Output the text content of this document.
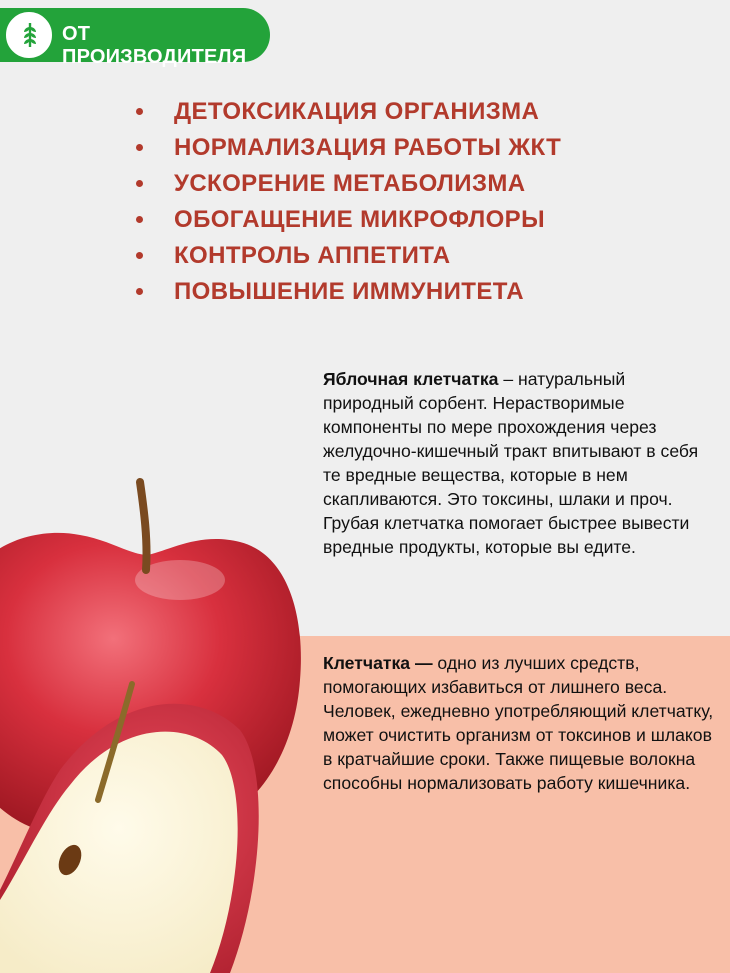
ОТ ПРОИЗВОДИТЕЛЯ
ДЕТОКСИКАЦИЯ ОРГАНИЗМА
НОРМАЛИЗАЦИЯ РАБОТЫ ЖКТ
УСКОРЕНИЕ МЕТАБОЛИЗМА
ОБОГАЩЕНИЕ МИКРОФЛОРЫ
КОНТРОЛЬ АППЕТИТА
ПОВЫШЕНИЕ ИММУНИТЕТА
Яблочная клетчатка – натуральный природный сорбент. Нерастворимые компоненты по мере прохождения через желудочно-кишечный тракт впитывают в себя те вредные вещества, которые в нем скапливаются. Это токсины, шлаки и проч. Грубая клетчатка помогает быстрее вывести вредные продукты, которые вы едите.
Клетчатка — одно из лучших средств, помогающих избавиться от лишнего веса. Человек, ежедневно употребляющий клетчатку, может очистить организм от токсинов и шлаков в кратчайшие сроки. Также пищевые волокна способны нормализовать работу кишечника.
